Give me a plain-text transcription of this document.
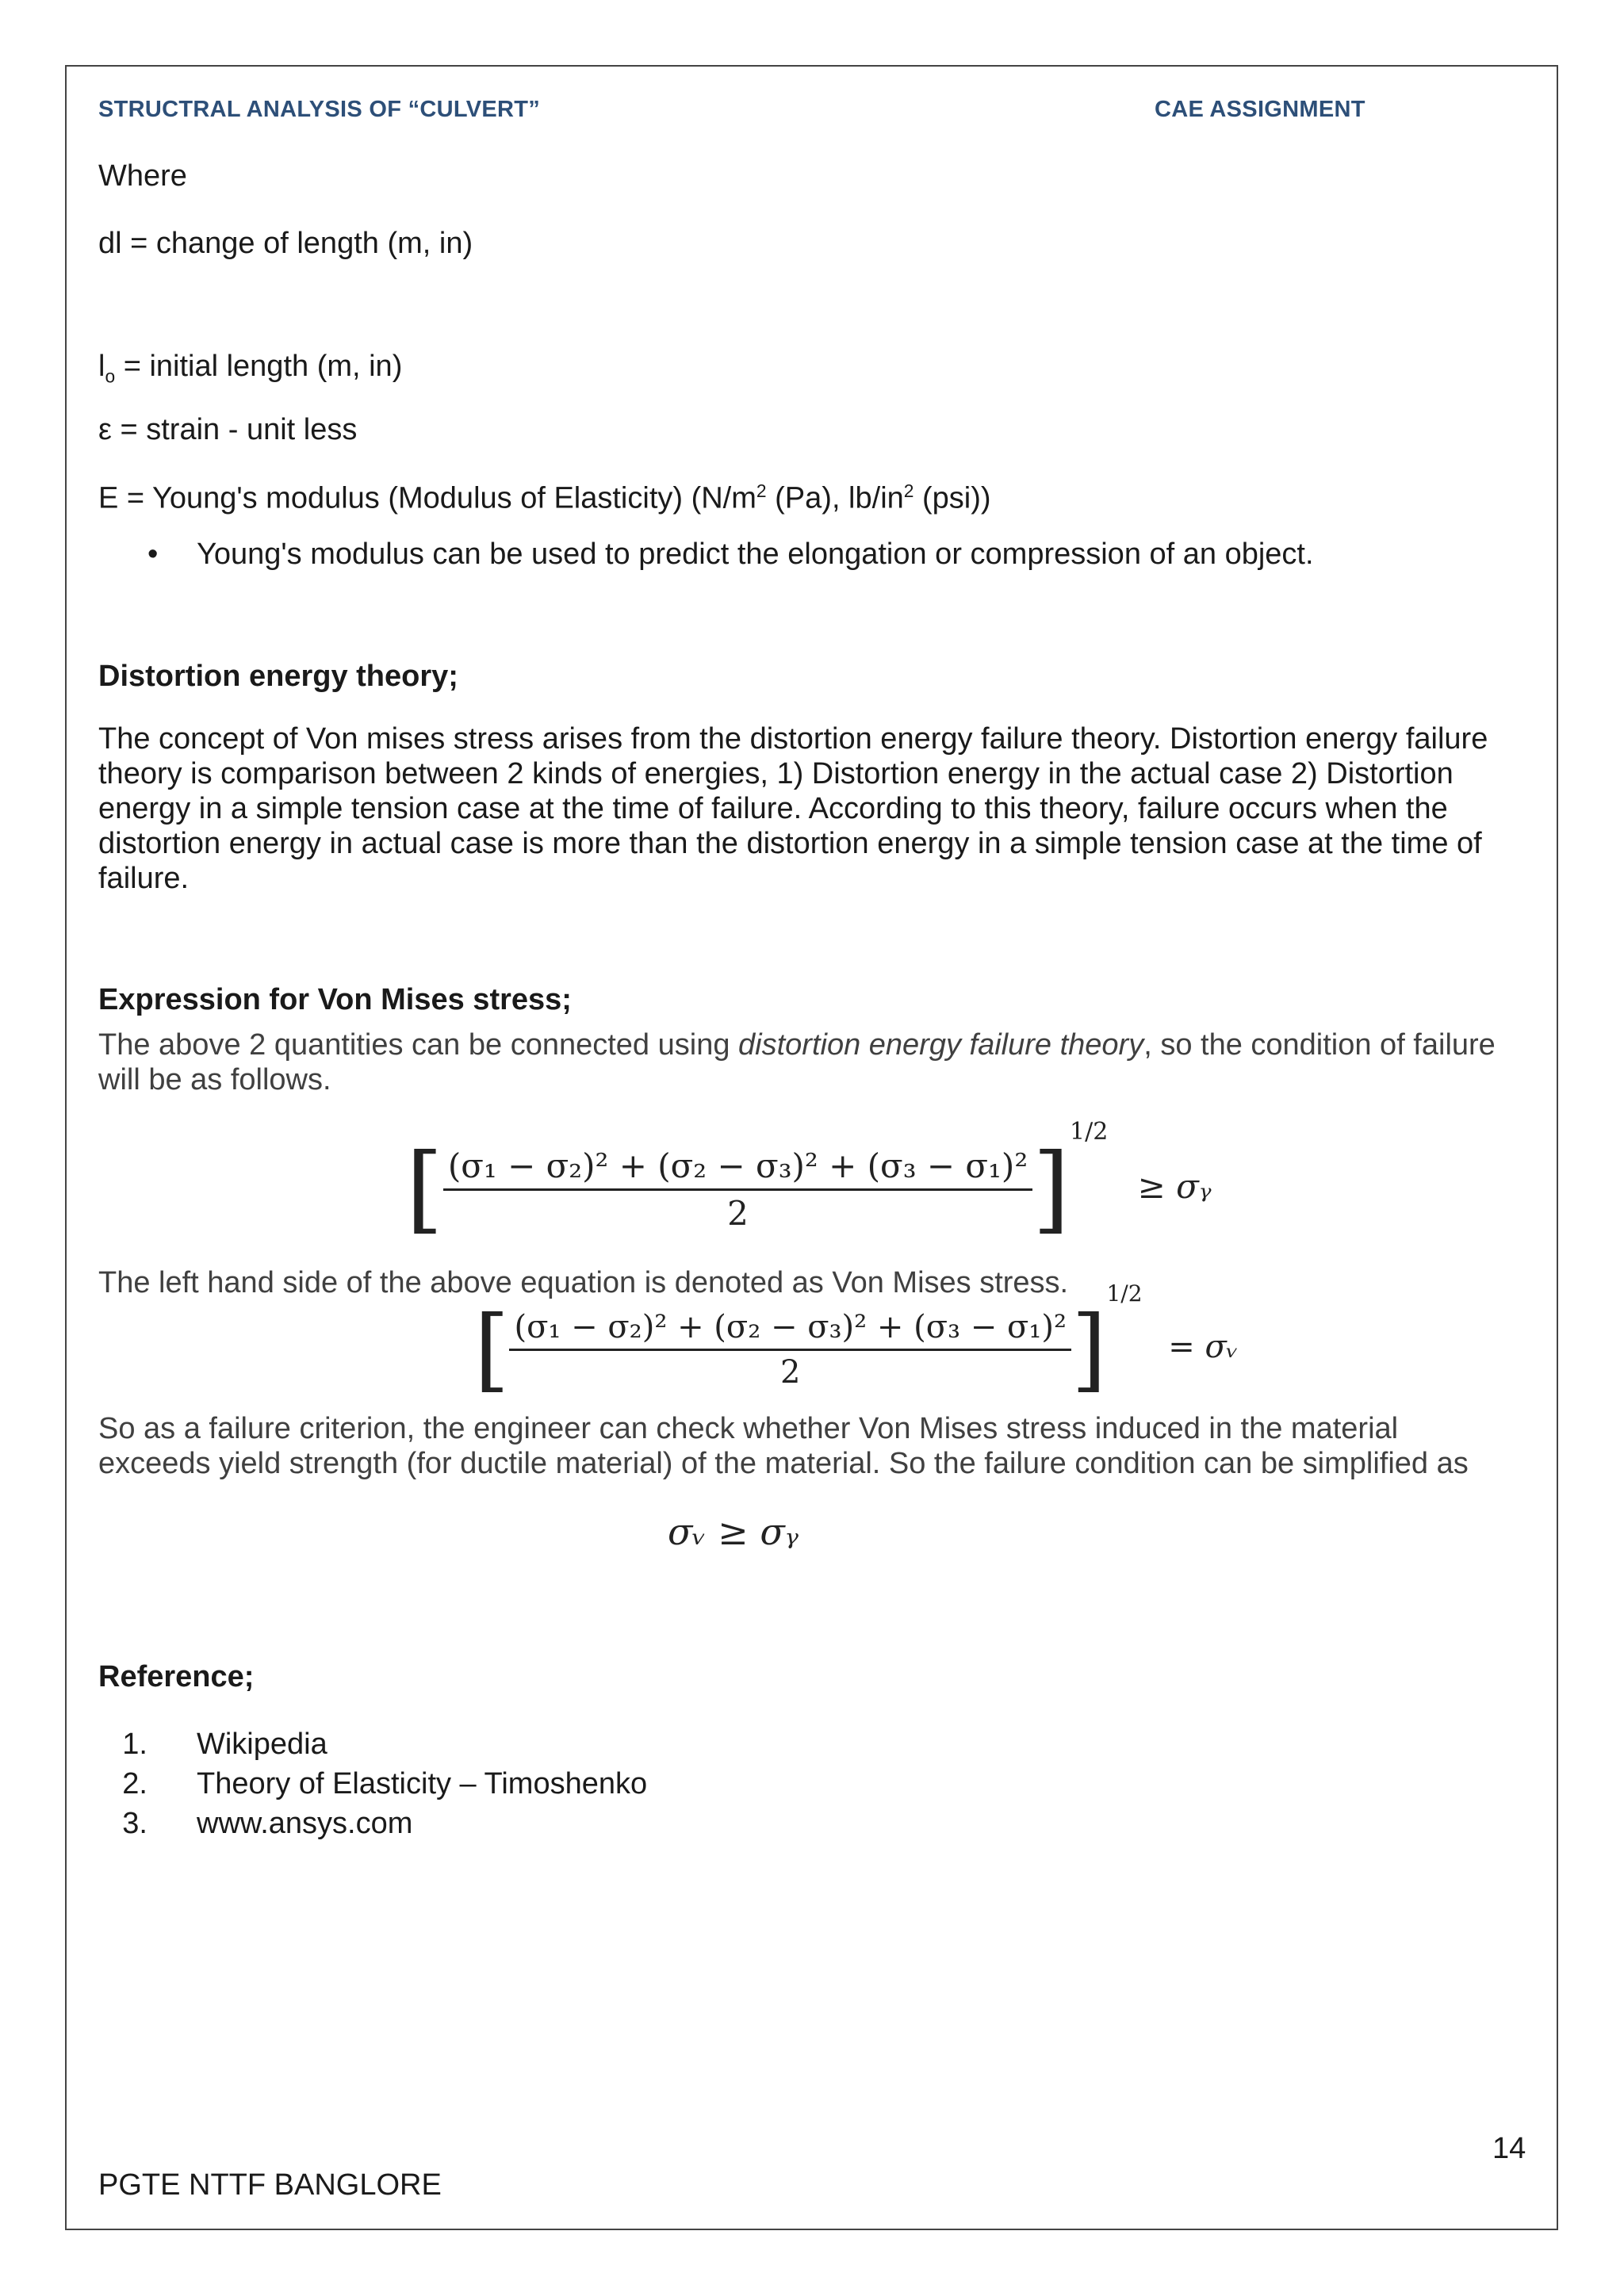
STRUCTRAL ANALYSIS OF “CULVERT”	CAE ASSIGNMENT
Where
dl = change of length (m, in)
$l_o$ = initial length (m, in)
ε = strain - unit less
E = Young's modulus (Modulus of Elasticity) ($N/m^2$ (Pa), $lb/in^2$ (psi))
• Young's modulus can be used to predict the elongation or compression of an object.
Distortion energy theory;
The concept of Von mises stress arises from the distortion energy failure theory. Distortion energy failure theory is comparison between 2 kinds of energies, 1) Distortion energy in the actual case 2) Distortion energy in a simple tension case at the time of failure. According to this theory, failure occurs when the distortion energy in actual case is more than the distortion energy in a simple tension case at the time of failure.
Expression for Von Mises stress;
The above 2 quantities can be connected using distortion energy failure theory, so the condition of failure will be as follows.
[ $\frac{\text{(σ₁ − σ₂)² + (σ₂ − σ₃)² + (σ₃ − σ₁)²}}{2} ]^{1/2}$ ≥ σᵧ
The left hand side of the above equation is denoted as Von Mises stress.
[ $\frac{\text{(σ₁ − σ₂)² + (σ₂ − σ₃)² + (σ₃ − σ₁)²}}{2} ]^{1/2}$ = σᵥ
So as a failure criterion, the engineer can check whether Von Mises stress induced in the material exceeds yield strength (for ductile material) of the material. So the failure condition can be simplified as
σᵥ ≥ σᵧ
Reference;
1. Wikipedia
2. Theory of Elasticity – Timoshenko
3. www.ansys.com
14
PGTE NTTF BANGLORE
